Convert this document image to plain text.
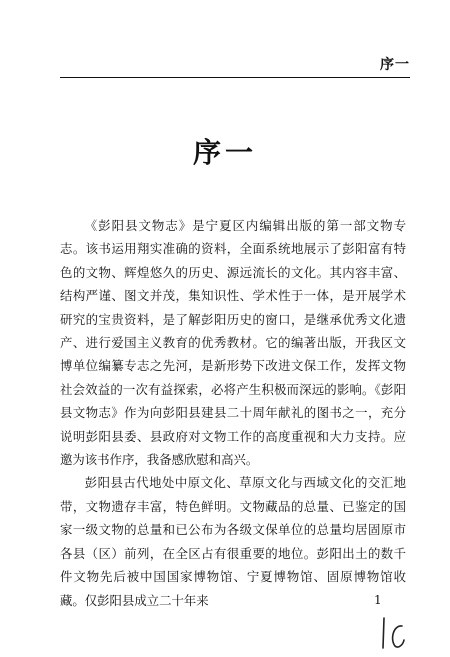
序一
序一

《彭阳县文物志》是宁夏区内编辑出版的第一部文物专志。该书运用翔实准确的资料，全面系统地展示了彭阳富有特色的文物、辉煌悠久的历史、源远流长的文化。其内容丰富、结构严谨、图文并茂，集知识性、学术性于一体，是开展学术研究的宝贵资料，是了解彭阳历史的窗口，是继承优秀文化遗产、进行爱国主义教育的优秀教材。它的编著出版，开我区文博单位编纂专志之先河，是新形势下改进文保工作，发挥文物社会效益的一次有益探索，必将产生积极而深远的影响。《彭阳县文物志》作为向彭阳县建县二十周年献礼的图书之一，充分说明彭阳县委、县政府对文物工作的高度重视和大力支持。应邀为该书作序，我备感欣慰和高兴。

彭阳县古代地处中原文化、草原文化与西域文化的交汇地带，文物遗存丰富，特色鲜明。文物藏品的总量、已鉴定的国家一级文物的总量和已公布为各级文保单位的总量均居固原市各县（区）前列，在全区占有很重要的地位。彭阳出土的数千件文物先后被中国国家博物馆、宁夏博物馆、固原博物馆收藏。仅彭阳县成立二十年来	1
